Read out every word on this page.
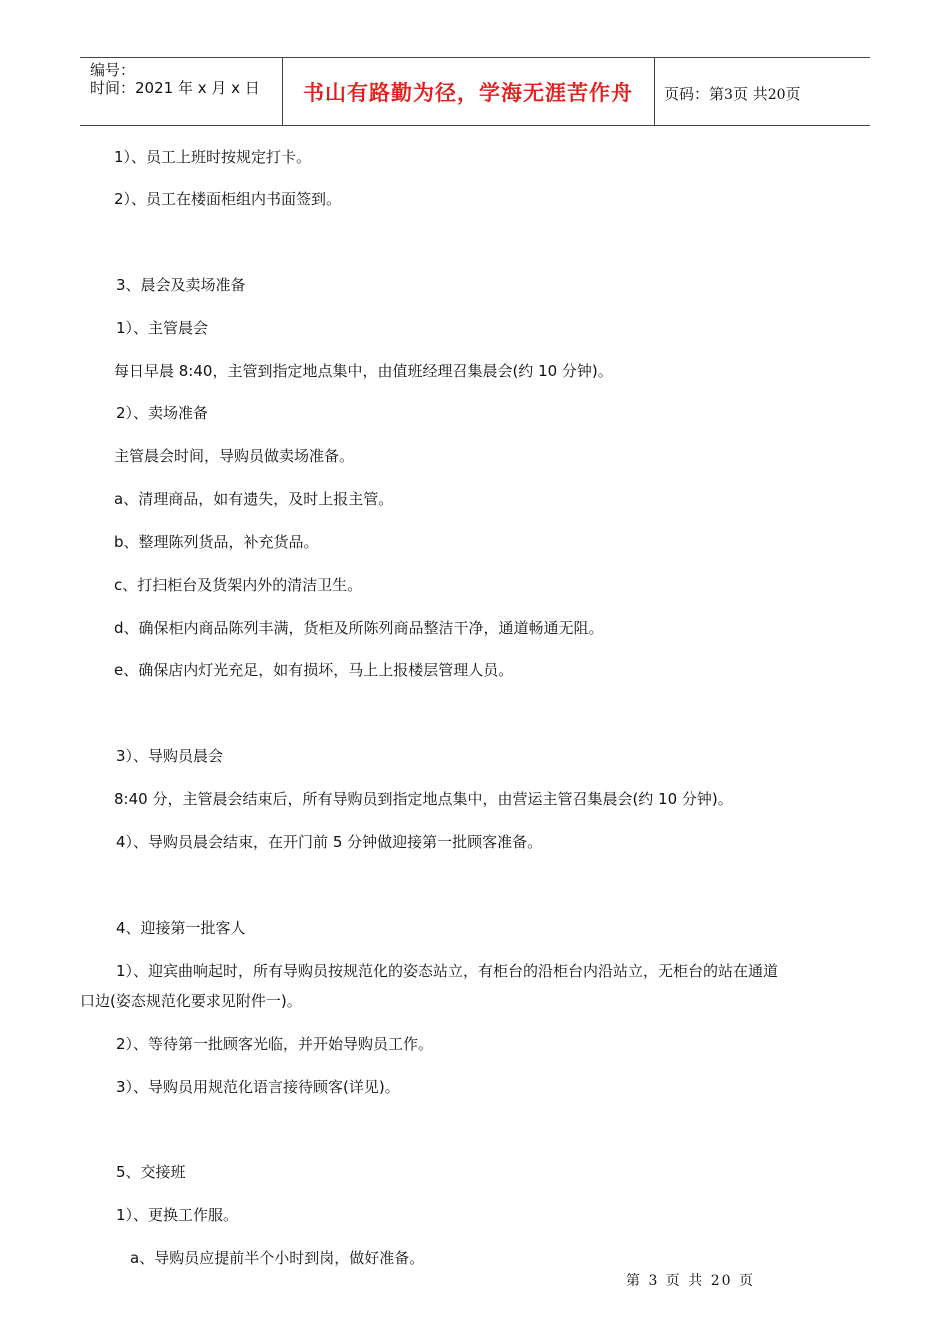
编号：
时间：2021 年 x 月 x 日	书山有路勤为径，学海无涯苦作舟	页码：第3页 共20页
1）、员工上班时按规定打卡。
2）、员工在楼面柜组内书面签到。
3、晨会及卖场准备
1）、主管晨会
每日早晨 8:40，主管到指定地点集中，由值班经理召集晨会(约 10 分钟)。
2）、卖场准备
主管晨会时间，导购员做卖场准备。
a、清理商品，如有遗失，及时上报主管。
b、整理陈列货品，补充货品。
c、打扫柜台及货架内外的清洁卫生。
d、确保柜内商品陈列丰满，货柜及所陈列商品整洁干净，通道畅通无阻。
e、确保店内灯光充足，如有损坏，马上上报楼层管理人员。
3）、导购员晨会
8:40 分，主管晨会结束后，所有导购员到指定地点集中，由营运主管召集晨会(约 10 分钟)。
4）、导购员晨会结束，在开门前 5 分钟做迎接第一批顾客准备。
4、迎接第一批客人
1）、迎宾曲响起时，所有导购员按规范化的姿态站立，有柜台的沿柜台内沿站立，无柜台的站在通道
口边(姿态规范化要求见附件一)。
2）、等待第一批顾客光临，并开始导购员工作。
3）、导购员用规范化语言接待顾客(详见)。
5、交接班
1）、更换工作服。
a、导购员应提前半个小时到岗，做好准备。
第 3 页 共 20 页
